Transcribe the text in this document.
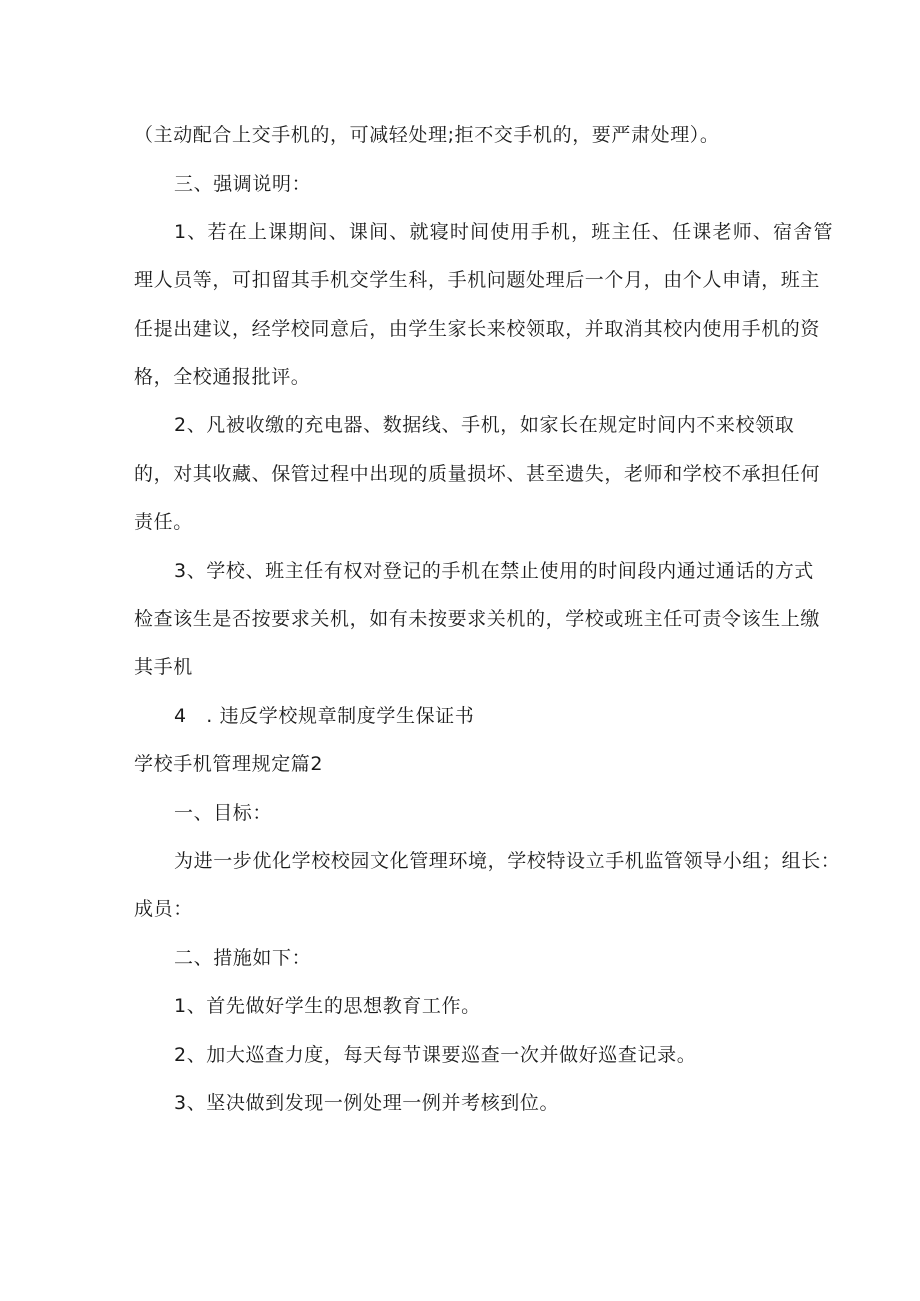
（主动配合上交手机的，可减轻处理;拒不交手机的，要严肃处理）。
三、强调说明：
1、若在上课期间、课间、就寝时间使用手机，班主任、任课老师、宿舍管
理人员等，可扣留其手机交学生科，手机问题处理后一个月，由个人申请，班主
任提出建议，经学校同意后，由学生家长来校领取，并取消其校内使用手机的资
格，全校通报批评。
2、凡被收缴的充电器、数据线、手机，如家长在规定时间内不来校领取
的，对其收藏、保管过程中出现的质量损坏、甚至遗失，老师和学校不承担任何
责任。
3、学校、班主任有权对登记的手机在禁止使用的时间段内通过通话的方式
检查该生是否按要求关机，如有未按要求关机的，学校或班主任可责令该生上缴
其手机
4　. 违反学校规章制度学生保证书
学校手机管理规定篇2
一、目标：
为进一步优化学校校园文化管理环境，学校特设立手机监管领导小组；组长：
成员：
二、措施如下：
1、首先做好学生的思想教育工作。
2、加大巡查力度，每天每节课要巡查一次并做好巡查记录。
3、坚决做到发现一例处理一例并考核到位。
